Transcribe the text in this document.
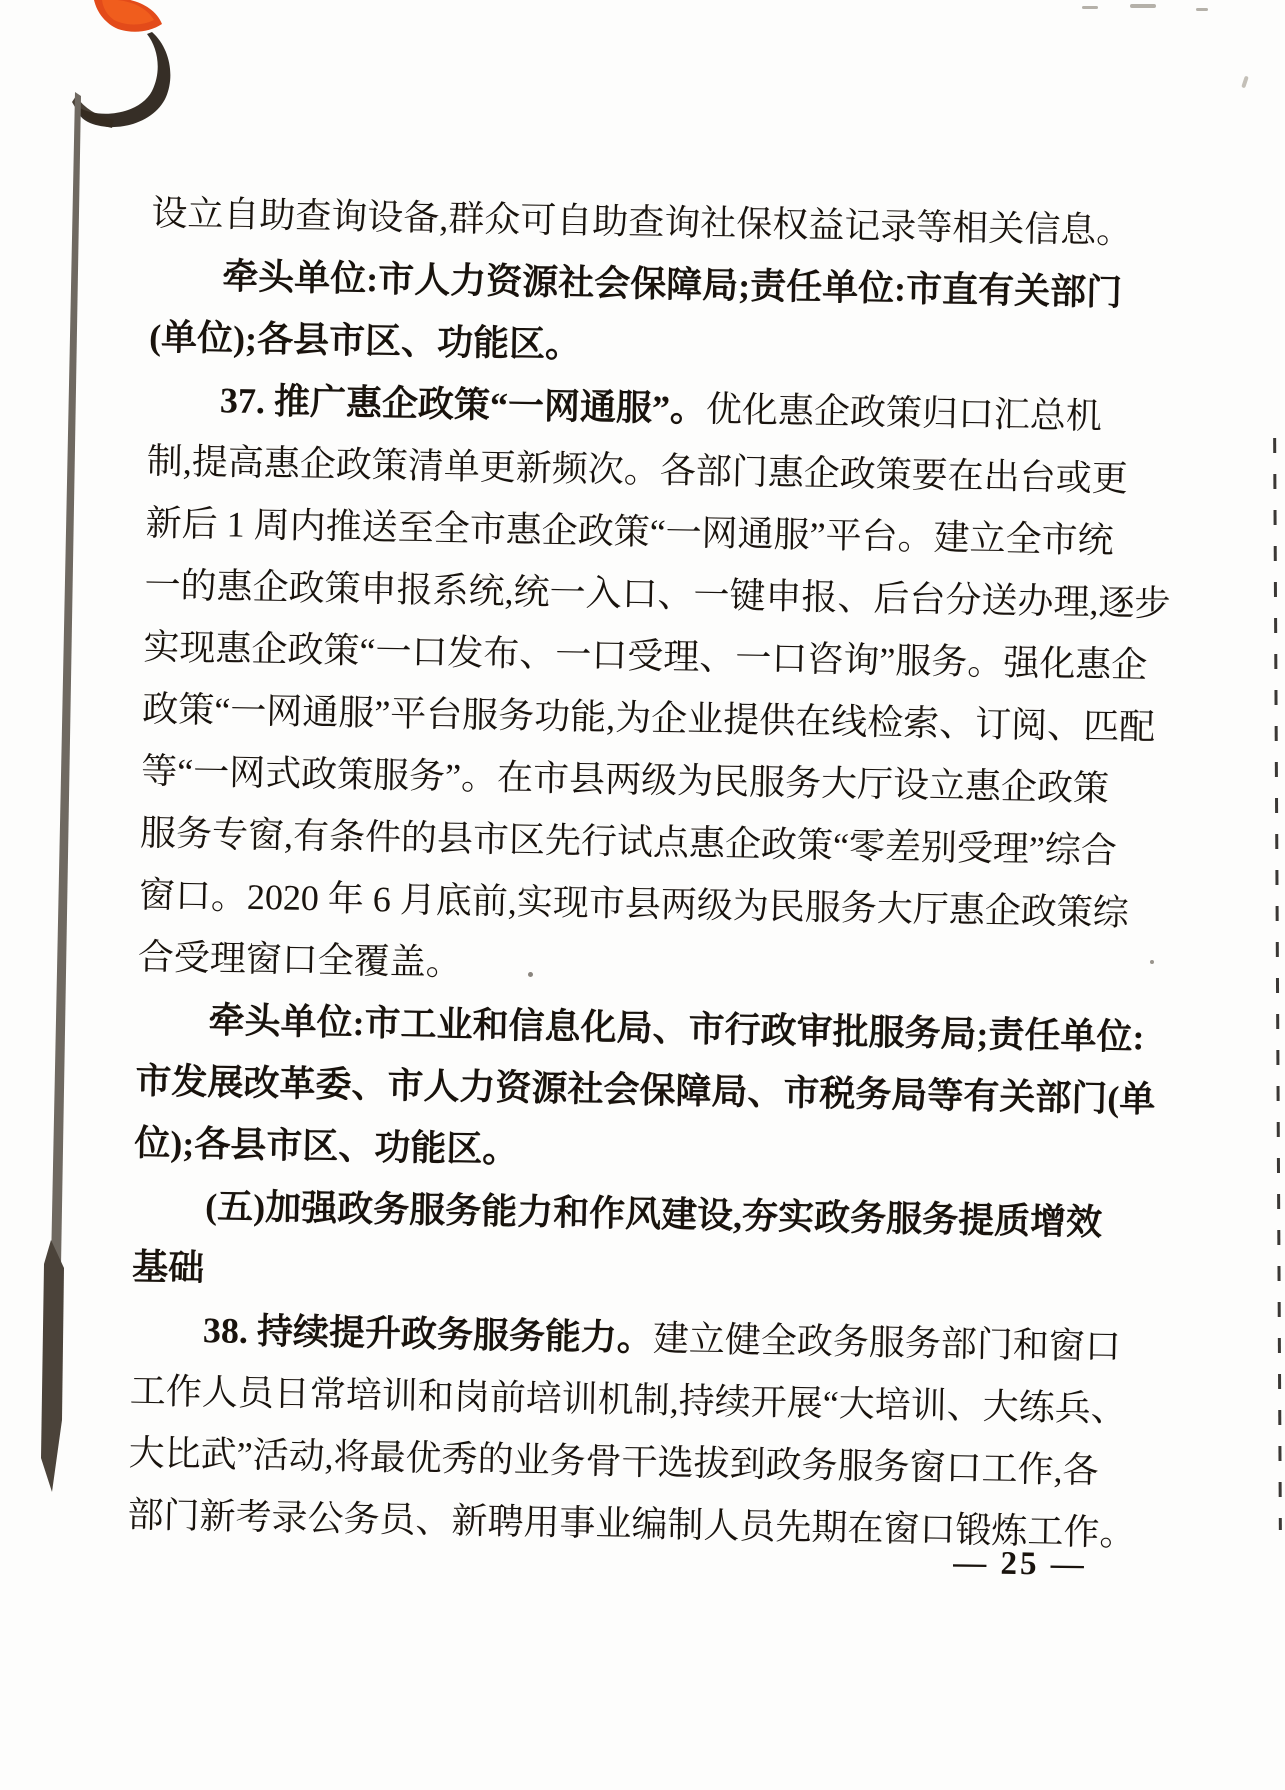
设立自助查询设备,群众可自助查询社保权益记录等相关信息。
牵头单位:市人力资源社会保障局;责任单位:市直有关部门
(单位);各县市区、功能区。
37. 推广惠企政策“一网通服”。优化惠企政策归口汇总机
制,提高惠企政策清单更新频次。各部门惠企政策要在出台或更
新后 1 周内推送至全市惠企政策“一网通服”平台。建立全市统
一的惠企政策申报系统,统一入口、一键申报、后台分送办理,逐步
实现惠企政策“一口发布、一口受理、一口咨询”服务。强化惠企
政策“一网通服”平台服务功能,为企业提供在线检索、订阅、匹配
等“一网式政策服务”。在市县两级为民服务大厅设立惠企政策
服务专窗,有条件的县市区先行试点惠企政策“零差别受理”综合
窗口。2020 年 6 月底前,实现市县两级为民服务大厅惠企政策综
合受理窗口全覆盖。
牵头单位:市工业和信息化局、市行政审批服务局;责任单位:
市发展改革委、市人力资源社会保障局、市税务局等有关部门(单
位);各县市区、功能区。
(五)加强政务服务能力和作风建设,夯实政务服务提质增效
基础
38. 持续提升政务服务能力。建立健全政务服务部门和窗口
工作人员日常培训和岗前培训机制,持续开展“大培训、大练兵、
大比武”活动,将最优秀的业务骨干选拔到政务服务窗口工作,各
部门新考录公务员、新聘用事业编制人员先期在窗口锻炼工作。
— 25 —
